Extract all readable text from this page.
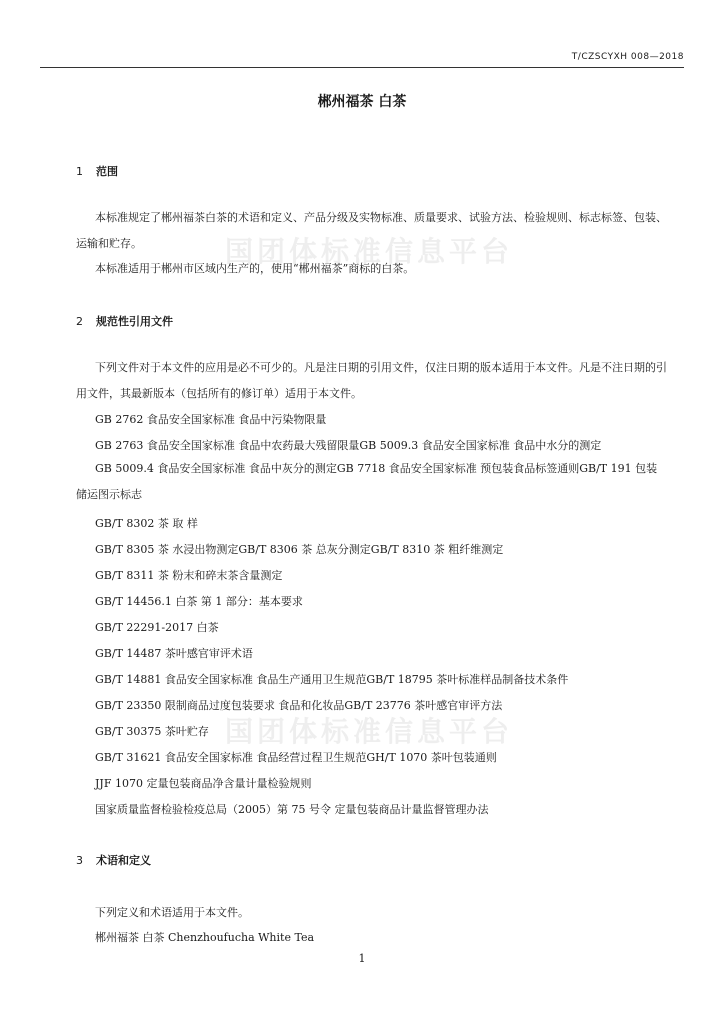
T/CZSCYXH 008—2018
郴州福茶 白茶
国团体标准信息平台
国团体标准信息平台
1 范围
本标准规定了郴州福茶白茶的术语和定义、产品分级及实物标准、质量要求、试验方法、检验规则、标志标签、包装、运输和贮存。
本标准适用于郴州市区域内生产的，使用“郴州福茶”商标的白茶。
2 规范性引用文件
下列文件对于本文件的应用是必不可少的。凡是注日期的引用文件，仅注日期的版本适用于本文件。凡是不注日期的引用文件，其最新版本（包括所有的修订单）适用于本文件。
GB 2762 食品安全国家标准 食品中污染物限量
GB 2763 食品安全国家标准 食品中农药最大残留限量GB 5009.3 食品安全国家标准 食品中水分的测定
GB 5009.4 食品安全国家标准 食品中灰分的测定GB 7718 食品安全国家标准 预包装食品标签通则GB/T 191 包装储运图示标志
GB/T 8302 茶 取 样
GB/T 8305 茶 水浸出物测定GB/T 8306 茶 总灰分测定GB/T 8310 茶 粗纤维测定
GB/T 8311 茶 粉末和碎末茶含量测定
GB/T 14456.1 白茶 第 1 部分：基本要求
GB/T 22291-2017 白茶
GB/T 14487 茶叶感官审评术语
GB/T 14881 食品安全国家标准 食品生产通用卫生规范GB/T 18795 茶叶标准样品制备技术条件
GB/T 23350 限制商品过度包装要求 食品和化妆品GB/T 23776 茶叶感官审评方法
GB/T 30375 茶叶贮存
GB/T 31621 食品安全国家标准 食品经营过程卫生规范GH/T 1070 茶叶包装通则
JJF 1070 定量包装商品净含量计量检验规则
国家质量监督检验检疫总局（2005）第 75 号令 定量包装商品计量监督管理办法
3 术语和定义
下列定义和术语适用于本文件。
郴州福茶 白茶 Chenzhoufucha White Tea
1
